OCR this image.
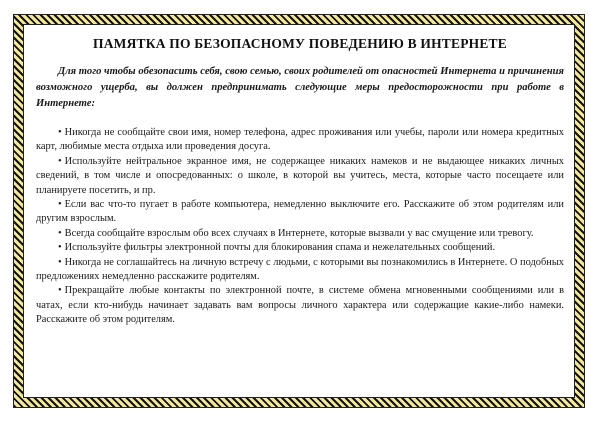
ПАМЯТКА ПО БЕЗОПАСНОМУ ПОВЕДЕНИЮ В ИНТЕРНЕТЕ

Для того чтобы обезопасить себя, свою семью, своих родителей от опасностей Интернета и причинения возможного ущерба, вы должен предпринимать следующие меры предосторожности при работе в Интернете:

• Никогда не сообщайте свои имя, номер телефона, адрес проживания или учебы, пароли или номера кредитных карт, любимые места отдыха или проведения досуга.
• Используйте нейтральное экранное имя, не содержащее никаких намеков и не выдающее никаких личных сведений, в том числе и опосредованных: о школе, в которой вы учитесь, места, которые часто посещаете или планируете посетить, и пр.
• Если вас что-то пугает в работе компьютера, немедленно выключите его. Расскажите об этом родителям или другим взрослым.
• Всегда сообщайте взрослым обо всех случаях в Интернете, которые вызвали у вас смущение или тревогу.
• Используйте фильтры электронной почты для блокирования спама и нежелательных сообщений.
• Никогда не соглашайтесь на личную встречу с людьми, с которыми вы познакомились в Интернете. О подобных предложениях немедленно расскажите родителям.
• Прекращайте любые контакты по электронной почте, в системе обмена мгновенными сообщениями или в чатах, если кто-нибудь начинает задавать вам вопросы личного характера или содержащие какие-либо намеки. Расскажите об этом родителям.
